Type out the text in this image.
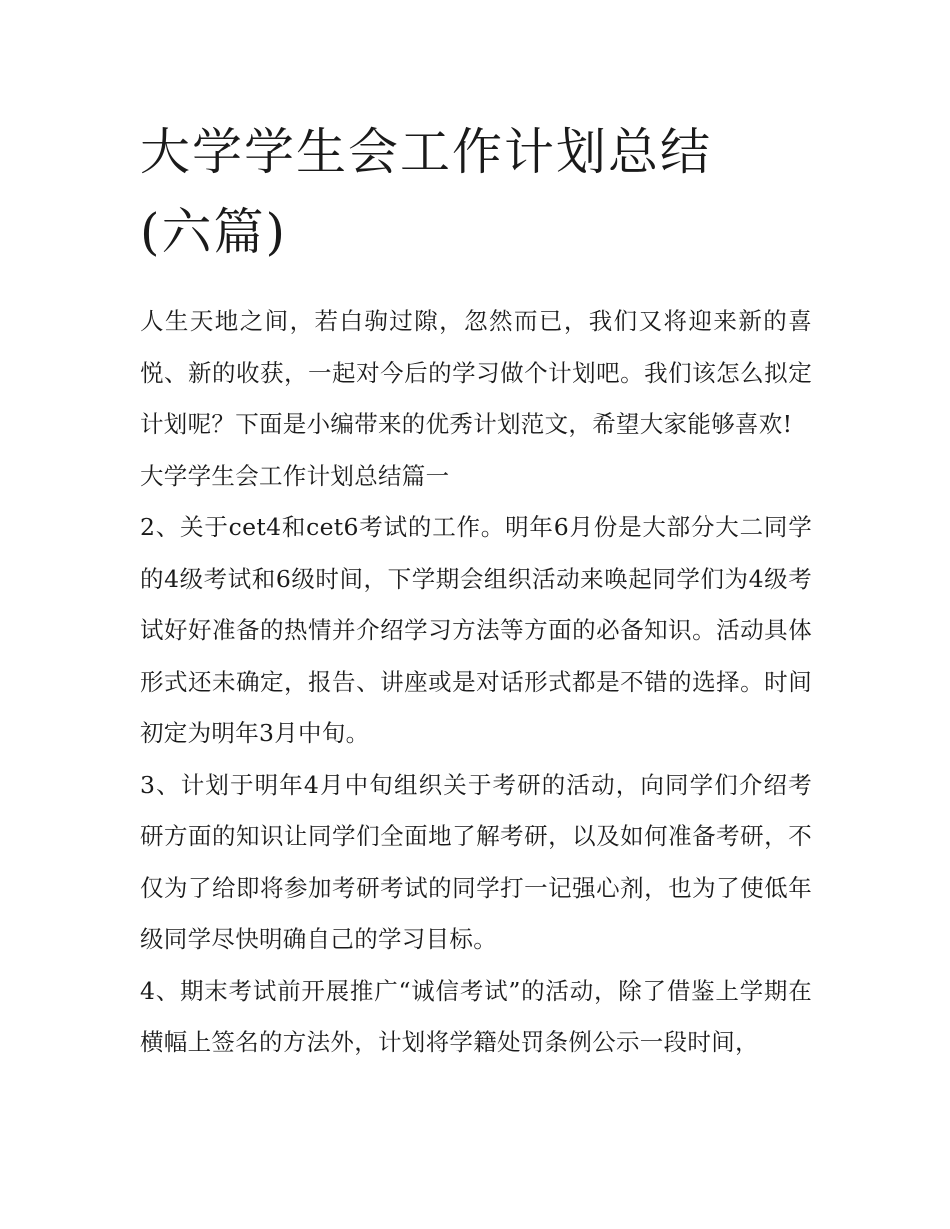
大学学生会工作计划总结(六篇)

人生天地之间，若白驹过隙，忽然而已，我们又将迎来新的喜悦、新的收获，一起对今后的学习做个计划吧。我们该怎么拟定计划呢？下面是小编带来的优秀计划范文，希望大家能够喜欢!

大学学生会工作计划总结篇一

2、关于cet4和cet6考试的工作。明年6月份是大部分大二同学的4级考试和6级时间，下学期会组织活动来唤起同学们为4级考试好好准备的热情并介绍学习方法等方面的必备知识。活动具体形式还未确定，报告、讲座或是对话形式都是不错的选择。时间初定为明年3月中旬。

3、计划于明年4月中旬组织关于考研的活动，向同学们介绍考研方面的知识让同学们全面地了解考研，以及如何准备考研，不仅为了给即将参加考研考试的同学打一记强心剂，也为了使低年级同学尽快明确自己的学习目标。

4、期末考试前开展推广“诚信考试”的活动，除了借鉴上学期在横幅上签名的方法外，计划将学籍处罚条例公示一段时间，
